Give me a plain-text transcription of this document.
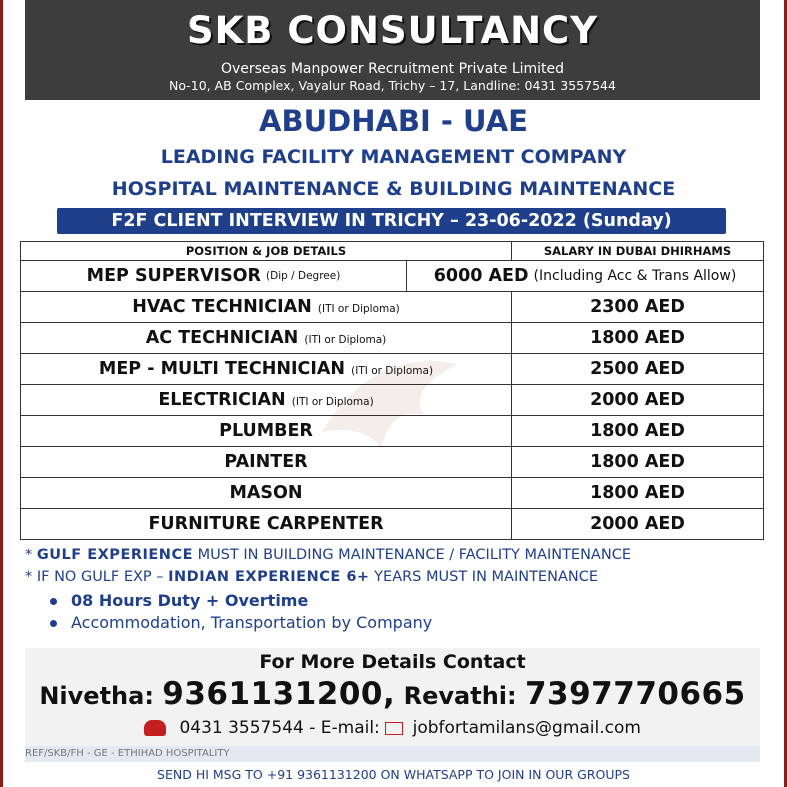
SKB CONSULTANCY
Overseas Manpower Recruitment Private Limited
No-10, AB Complex, Vayalur Road, Trichy – 17, Landline: 0431 3557544
ABUDHABI - UAE
LEADING FACILITY MANAGEMENT COMPANY
HOSPITAL MAINTENANCE & BUILDING MAINTENANCE
F2F CLIENT INTERVIEW IN TRICHY – 23-06-2022 (Sunday)
POSITION & JOB DETAILS	SALARY IN DUBAI DHIRHAMS

MEP SUPERVISOR (Dip / Degree) 6000 AED (Including Acc & Trans Allow)	

HVAC TECHNICIAN (ITI or Diploma)	2300 AED
AC TECHNICIAN (ITI or Diploma)	1800 AED
MEP - MULTI TECHNICIAN (ITI or Diploma)	2500 AED
ELECTRICIAN (ITI or Diploma)	2000 AED
PLUMBER	1800 AED
PAINTER	1800 AED
MASON	1800 AED
FURNITURE CARPENTER	2000 AED
* GULF EXPERIENCE MUST IN BUILDING MAINTENANCE / FACILITY MAINTENANCE
* IF NO GULF EXP – INDIAN EXPERIENCE 6+ YEARS MUST IN MAINTENANCE
08 Hours Duty + Overtime
Accommodation, Transportation by Company
For More Details Contact
Nivetha: 9361131200, Revathi: 7397770665
0431 3557544 - E-mail: jobfortamilans@gmail.com
REF/SKB/FH - GE - ETHIHAD HOSPITALITY
SEND HI MSG TO +91 9361131200 ON WHATSAPP TO JOIN IN OUR GROUPS
